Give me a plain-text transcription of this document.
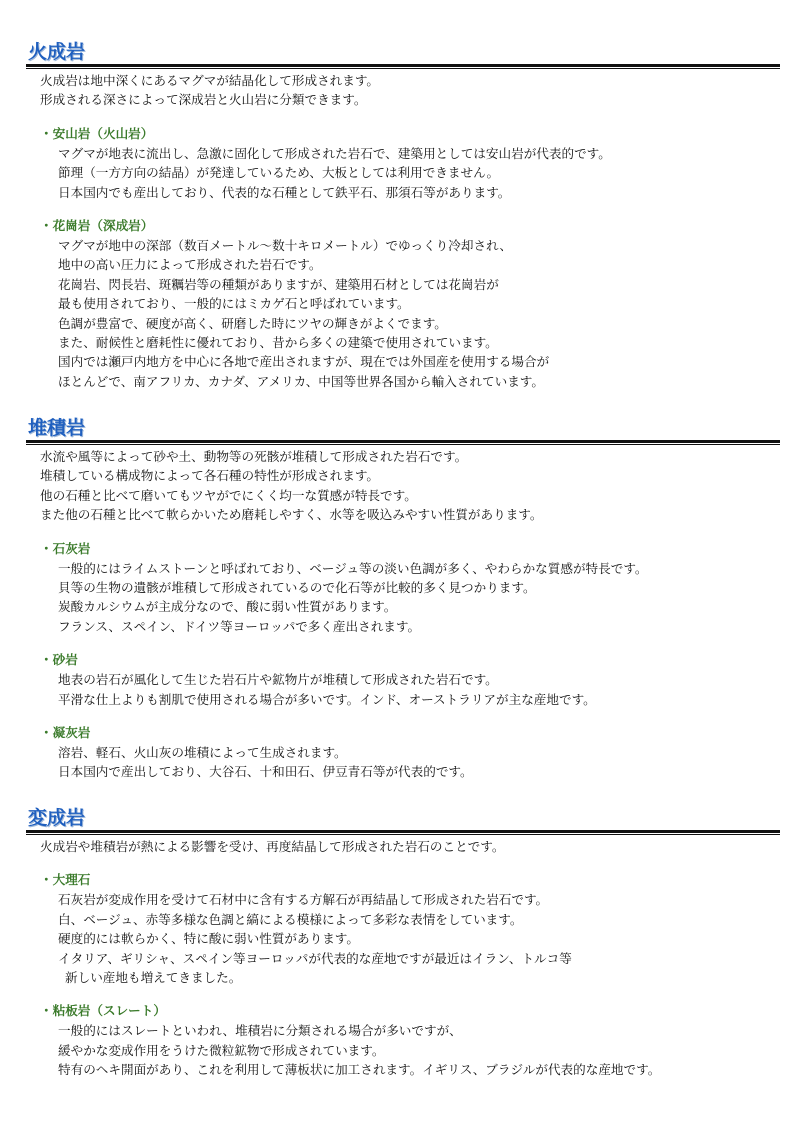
火成岩
火成岩は地中深くにあるマグマが結晶化して形成されます。
形成される深さによって深成岩と火山岩に分類できます。
・安山岩（火山岩）
マグマが地表に流出し、急激に固化して形成された岩石で、建築用としては安山岩が代表的です。
節理（一方方向の結晶）が発達しているため、大板としては利用できません。
日本国内でも産出しており、代表的な石種として鉄平石、那須石等があります。
・花崗岩（深成岩）
マグマが地中の深部（数百メートル～数十キロメートル）でゆっくり冷却され、
地中の高い圧力によって形成された岩石です。
花崗岩、閃長岩、斑糲岩等の種類がありますが、建築用石材としては花崗岩が
最も使用されており、一般的にはミカゲ石と呼ばれています。
色調が豊富で、硬度が高く、研磨した時にツヤの輝きがよくでます。
また、耐候性と磨耗性に優れており、昔から多くの建築で使用されています。
国内では瀬戸内地方を中心に各地で産出されますが、現在では外国産を使用する場合が
ほとんどで、南アフリカ、カナダ、アメリカ、中国等世界各国から輸入されています。
堆積岩
水流や風等によって砂や土、動物等の死骸が堆積して形成された岩石です。
堆積している構成物によって各石種の特性が形成されます。
他の石種と比べて磨いてもツヤがでにくく均一な質感が特長です。
また他の石種と比べて軟らかいため磨耗しやすく、水等を吸込みやすい性質があります。
・石灰岩
一般的にはライムストーンと呼ばれており、ベージュ等の淡い色調が多く、やわらかな質感が特長です。
貝等の生物の遺骸が堆積して形成されているので化石等が比較的多く見つかります。
炭酸カルシウムが主成分なので、酸に弱い性質があります。
フランス、スペイン、ドイツ等ヨーロッパで多く産出されます。
・砂岩
地表の岩石が風化して生じた岩石片や鉱物片が堆積して形成された岩石です。
平滑な仕上よりも割肌で使用される場合が多いです。インド、オーストラリアが主な産地です。
・凝灰岩
溶岩、軽石、火山灰の堆積によって生成されます。
日本国内で産出しており、大谷石、十和田石、伊豆青石等が代表的です。
変成岩
火成岩や堆積岩が熱による影響を受け、再度結晶して形成された岩石のことです。
・大理石
石灰岩が変成作用を受けて石材中に含有する方解石が再結晶して形成された岩石です。
白、ベージュ、赤等多様な色調と縞による模様によって多彩な表情をしています。
硬度的には軟らかく、特に酸に弱い性質があります。
イタリア、ギリシャ、スペイン等ヨーロッパが代表的な産地ですが最近はイラン、トルコ等
新しい産地も増えてきました。
・粘板岩（スレート）
一般的にはスレートといわれ、堆積岩に分類される場合が多いですが、
緩やかな変成作用をうけた微粒鉱物で形成されています。
特有のヘキ開面があり、これを利用して薄板状に加工されます。イギリス、ブラジルが代表的な産地です。
